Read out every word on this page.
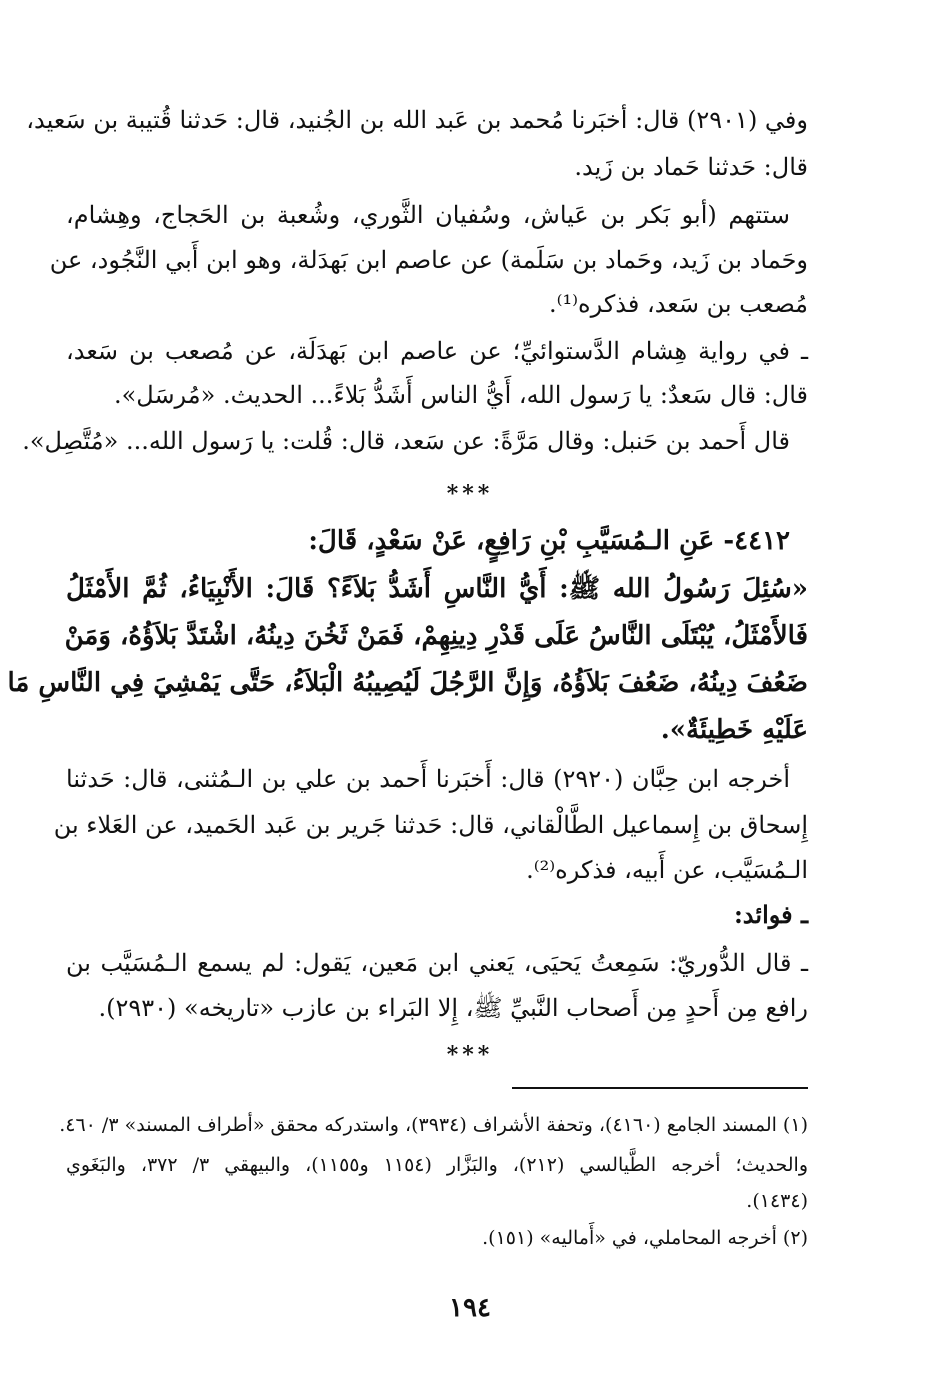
وفي (٢٩٠١) قال: أخبَرنا مُحمد بن عَبد الله بن الجُنيد، قال: حَدثنا قُتيبة بن سَعيد،
قال: حَدثنا حَماد بن زَيد.
ستتهم (أبو بَكر بن عَياش، وسُفيان الثَّوري، وشُعبة بن الحَجاج، وهِشام،
وحَماد بن زَيد، وحَماد بن سَلَمة) عن عاصم ابن بَهدَلة، وهو ابن أَبي النَّجُود، عن
مُصعب بن سَعد، فذكره⁽¹⁾.
ـ في رواية هِشام الدَّستوائيِّ؛ عن عاصم ابن بَهدَلَة، عن مُصعب بن سَعد،
قال: قال سَعدٌ: يا رَسول الله، أَيُّ الناس أَشَدُّ بَلاءً... الحديث. «مُرسَل».
قال أَحمد بن حَنبل: وقال مَرَّةً: عن سَعد، قال: قُلت: يا رَسول الله... «مُتَّصِل».
***
٤٤١٢- عَنِ الـمُسَيَّبِ بْنِ رَافِعٍ، عَنْ سَعْدٍ، قَالَ:
«سُئِلَ رَسُولُ الله ﷺ: أَيُّ النَّاسِ أَشَدُّ بَلاَءً؟ قَالَ: الأَنْبِيَاءُ، ثُمَّ الأَمْثَلُ
فَالأَمْثَلُ، يُبْتَلَى النَّاسُ عَلَى قَدْرِ دِينِهِمْ، فَمَنْ ثَخُنَ دِينُهُ، اشْتَدَّ بَلاَؤُهُ، وَمَنْ
ضَعُفَ دِينُهُ، ضَعُفَ بَلاَؤُهُ، وَإِنَّ الرَّجُلَ لَيُصِيبُهُ الْبَلاَءُ، حَتَّى يَمْشِيَ فِي النَّاسِ مَا
عَلَيْهِ خَطِيئَةٌ».
أخرجه ابن حِبَّان (٢٩٢٠) قال: أَخبَرنا أَحمد بن علي بن الـمُثنى، قال: حَدثنا
إِسحاق بن إِسماعيل الطَّالْقاني، قال: حَدثنا جَرير بن عَبد الحَميد، عن العَلاء بن
الـمُسَيَّب، عن أَبيه، فذكره⁽²⁾.
ـ فوائد:
ـ قال الدُّوريّ: سَمِعتُ يَحيَى، يَعني ابن مَعين، يَقول: لم يسمع الـمُسَيَّب بن
رافع مِن أَحدٍ مِن أَصحاب النَّبيِّ ﷺ، إِلا البَراء بن عازب «تاريخه» (٢٩٣٠).
***
(١) المسند الجامع (٤١٦٠)، وتحفة الأشراف (٣٩٣٤)، واستدركه محقق «أطراف المسند» ٣/ ٤٦٠.
والحديث؛ أخرجه الطَّيالسي (٢١٢)، والبَزَّار (١١٥٤ و١١٥٥)، والبيهقي ٣/ ٣٧٢، والبَغَوي
(١٤٣٤).
(٢) أخرجه المحاملي، في «أَماليه» (١٥١).
١٩٤
